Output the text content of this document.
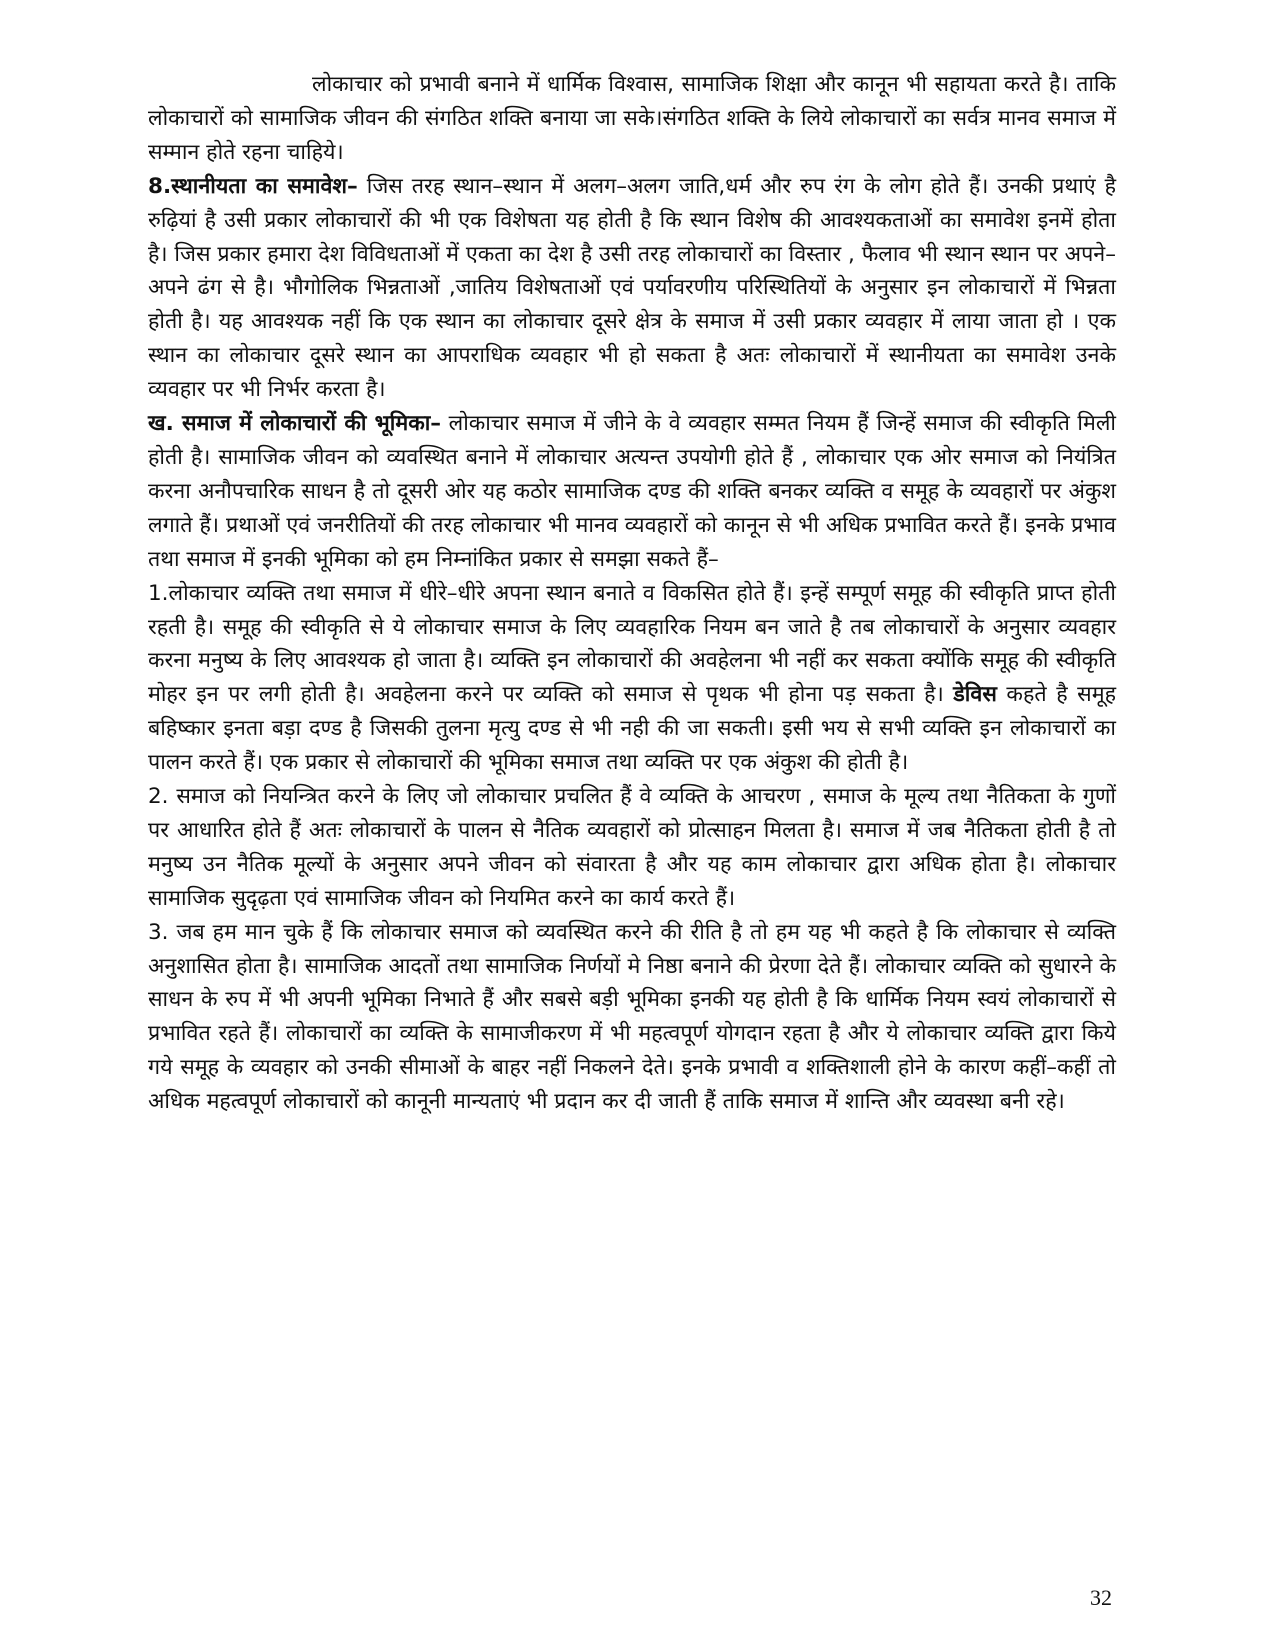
लोकाचार को प्रभावी बनाने में धार्मिक विश्वास, सामाजिक शिक्षा और कानून भी सहायता करते है। ताकि लोकाचारों को सामाजिक जीवन की संगठित शक्ति बनाया जा सके।संगठित शक्ति के लिये लोकाचारों का सर्वत्र मानव समाज में सम्मान होते रहना चाहिये।

8.स्थानीयता का समावेश– जिस तरह स्थान–स्थान में अलग–अलग जाति,धर्म और रुप रंग के लोग होते हैं। उनकी प्रथाएं है रुढ़ियां है उसी प्रकार लोकाचारों की भी एक विशेषता यह होती है कि स्थान विशेष की आवश्यकताओं का समावेश इनमें होता है। जिस प्रकार हमारा देश विविधताओं में एकता का देश है उसी तरह लोकाचारों का विस्तार , फैलाव भी स्थान स्थान पर अपने–अपने ढंग से है। भौगोलिक भिन्नताओं ,जातिय विशेषताओं एवं पर्यावरणीय परिस्थितियों के अनुसार इन लोकाचारों में भिन्नता होती है। यह आवश्यक नहीं कि एक स्थान का लोकाचार दूसरे क्षेत्र के समाज में उसी प्रकार व्यवहार में लाया जाता हो । एक स्थान का लोकाचार दूसरे स्थान का आपराधिक व्यवहार भी हो सकता है अतः लोकाचारों में स्थानीयता का समावेश उनके व्यवहार पर भी निर्भर करता है।

ख. समाज में लोकाचारों की भूमिका– लोकाचार समाज में जीने के वे व्यवहार सम्मत नियम हैं जिन्हें समाज की स्वीकृति मिली होती है। सामाजिक जीवन को व्यवस्थित बनाने में लोकाचार अत्यन्त उपयोगी होते हैं , लोकाचार एक ओर समाज को नियंत्रित करना अनौपचारिक साधन है तो दूसरी ओर यह कठोर सामाजिक दण्ड की शक्ति बनकर व्यक्ति व समूह के व्यवहारों पर अंकुश लगाते हैं। प्रथाओं एवं जनरीतियों की तरह लोकाचार भी मानव व्यवहारों को कानून से भी अधिक प्रभावित करते हैं। इनके प्रभाव तथा समाज में इनकी भूमिका को हम निम्नांकित प्रकार से समझा सकते हैं–

1.लोकाचार व्यक्ति तथा समाज में धीरे–धीरे अपना स्थान बनाते व विकसित होते हैं। इन्हें सम्पूर्ण समूह की स्वीकृति प्राप्त होती रहती है। समूह की स्वीकृति से ये लोकाचार समाज के लिए व्यवहारिक नियम बन जाते है तब लोकाचारों के अनुसार व्यवहार करना मनुष्य के लिए आवश्यक हो जाता है। व्यक्ति इन लोकाचारों की अवहेलना भी नहीं कर सकता क्योंकि समूह की स्वीकृति मोहर इन पर लगी होती है। अवहेलना करने पर व्यक्ति को समाज से पृथक भी होना पड़ सकता है। डेविस कहते है समूह बहिष्कार इनता बड़ा दण्ड है जिसकी तुलना मृत्यु दण्ड से भी नही की जा सकती। इसी भय से सभी व्यक्ति इन लोकाचारों का पालन करते हैं। एक प्रकार से लोकाचारों की भूमिका समाज तथा व्यक्ति पर एक अंकुश की होती है।

2. समाज को नियन्त्रित करने के लिए जो लोकाचार प्रचलित हैं वे व्यक्ति के आचरण , समाज के मूल्य तथा नैतिकता के गुणों पर आधारित होते हैं अतः लोकाचारों के पालन से नैतिक व्यवहारों को प्रोत्साहन मिलता है। समाज में जब नैतिकता होती है तो मनुष्य उन नैतिक मूल्यों के अनुसार अपने जीवन को संवारता है और यह काम लोकाचार द्वारा अधिक होता है। लोकाचार सामाजिक सुदृढ़ता एवं सामाजिक जीवन को नियमित करने का कार्य करते हैं।

3. जब हम मान चुके हैं कि लोकाचार समाज को व्यवस्थित करने की रीति है तो हम यह भी कहते है कि लोकाचार से व्यक्ति अनुशासित होता है। सामाजिक आदतों तथा सामाजिक निर्णयों मे निष्ठा बनाने की प्रेरणा देते हैं। लोकाचार व्यक्ति को सुधारने के साधन के रुप में भी अपनी भूमिका निभाते हैं और सबसे बड़ी भूमिका इनकी यह होती है कि धार्मिक नियम स्वयं लोकाचारों से प्रभावित रहते हैं। लोकाचारों का व्यक्ति के सामाजीकरण में भी महत्वपूर्ण योगदान रहता है और ये लोकाचार व्यक्ति द्वारा किये गये समूह के व्यवहार को उनकी सीमाओं के बाहर नहीं निकलने देते। इनके प्रभावी व शक्तिशाली होने के कारण कहीं–कहीं तो अधिक महत्वपूर्ण लोकाचारों को कानूनी मान्यताएं भी प्रदान कर दी जाती हैं ताकि समाज में शान्ति और व्यवस्था बनी रहे।

32
